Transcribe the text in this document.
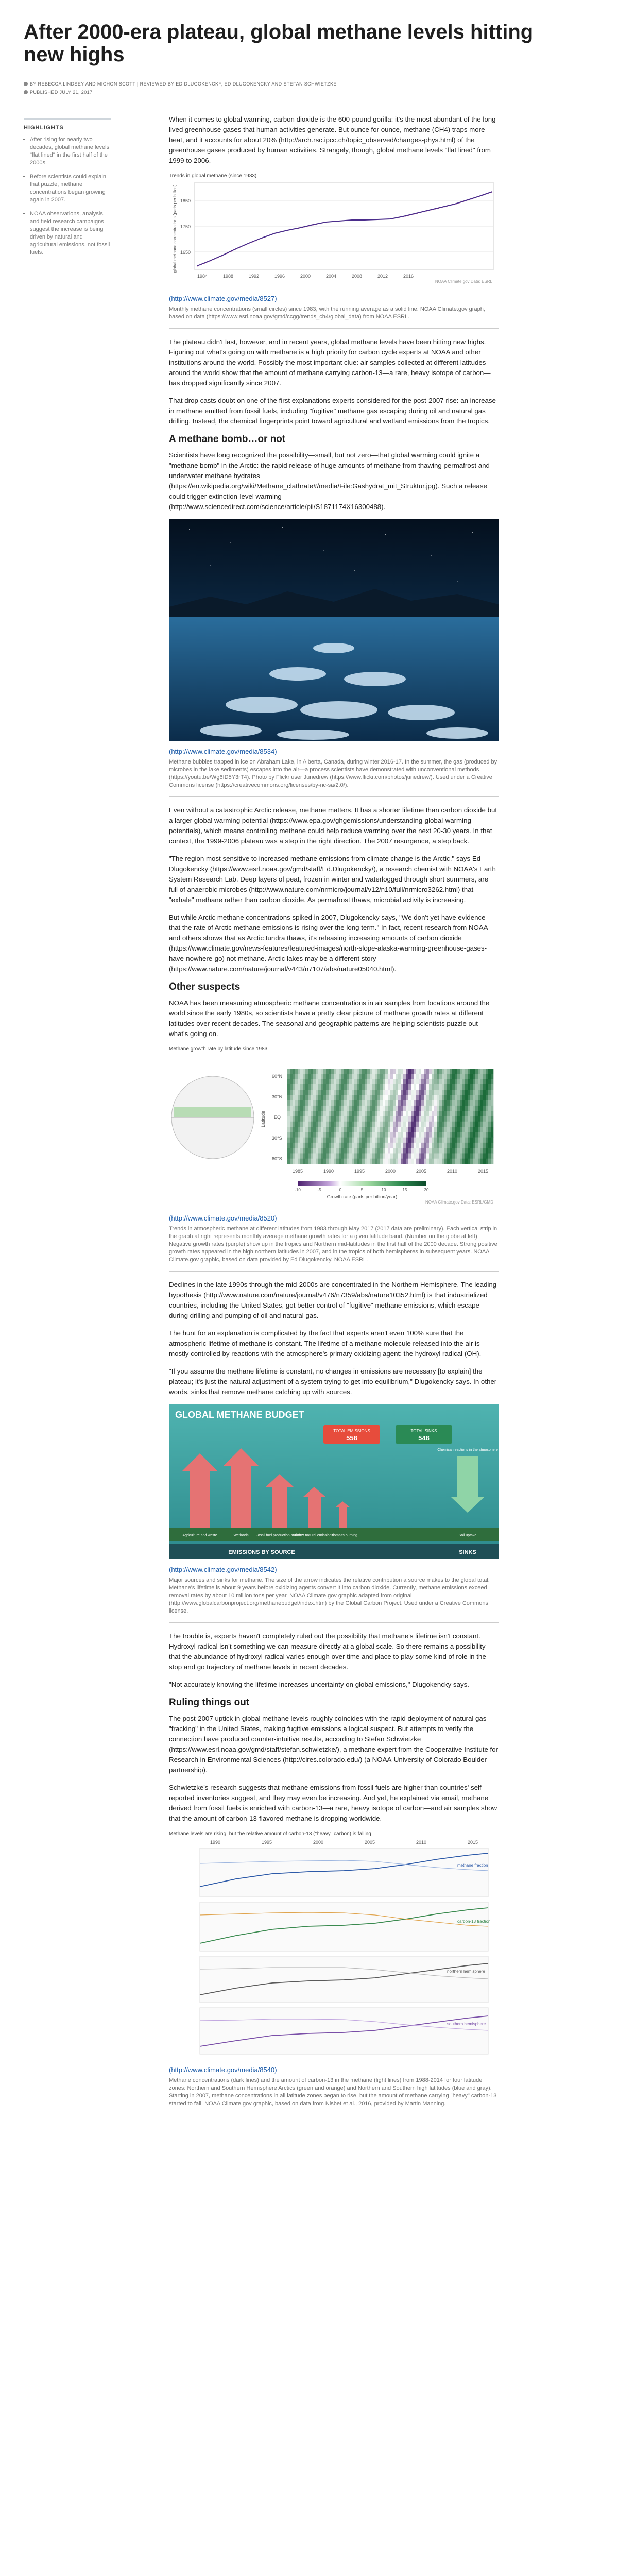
After 2000-era plateau, global methane levels hitting
new highs
BY REBECCA LINDSEY AND MICHON SCOTT | REVIEWED BY ED DLUGOKENCKY, ED DLUGOKENCKY AND STEFAN SCHWIETZKE
PUBLISHED JULY 21, 2017
HIGHLIGHTS
• After rising for nearly two decades, global methane levels "flat lined" in the first half of the 2000s.
• Before scientists could explain that puzzle, methane concentrations began growing again in 2007.
• NOAA observations, analysis, and field research campaigns suggest the increase is being driven by natural and agricultural emissions, not fossil fuels.

When it comes to global warming, carbon dioxide is the 600-pound gorilla: it's the most abundant of the long-lived greenhouse gases that human activities generate. But ounce for ounce, methane (CH4) traps more heat, and it accounts for about 20% (http://arch.rsc.ipcc.ch/topic_observed/changes-phys.html) of the greenhouse gases produced by human activities. Strangely, though, global methane levels "flat lined" from 1999 to 2006.

Trends in global methane (since 1983)
1850
1750
1650
global methane concentrations (parts per billion)
1984	1988	1992	1996	2000	2004	2008	2012	2016
NOAA Climate.gov Data: ESRL
(http://www.climate.gov/media/8527)
Monthly methane concentrations (small circles) since 1983, with the running average as a solid line. NOAA Climate.gov graph, based on data (https://www.esrl.noaa.gov/gmd/ccgg/trends_ch4/global_data) from NOAA ESRL.

The plateau didn't last, however, and in recent years, global methane levels have been hitting new highs. Figuring out what's going on with methane is a high priority for carbon cycle experts at NOAA and other institutions around the world. Possibly the most important clue: air samples collected at different latitudes around the world show that the amount of methane carrying carbon-13—a rare, heavy isotope of carbon—has dropped significantly since 2007.

That drop casts doubt on one of the first explanations experts considered for the post-2007 rise: an increase in methane emitted from fossil fuels, including "fugitive" methane gas escaping during oil and natural gas drilling. Instead, the chemical fingerprints point toward agricultural and wetland emissions from the tropics.

A methane bomb…or not

Scientists have long recognized the possibility—small, but not zero—that global warming could ignite a "methane bomb" in the Arctic: the rapid release of huge amounts of methane from thawing permafrost and underwater methane hydrates (https://en.wikipedia.org/wiki/Methane_clathrate#/media/File:Gashydrat_mit_Struktur.jpg). Such a release could trigger extinction-level warming (http://www.sciencedirect.com/science/article/pii/S1871174X16300488).

(http://www.climate.gov/media/8534)
Methane bubbles trapped in ice on Abraham Lake, in Alberta, Canada, during winter 2016-17. In the summer, the gas (produced by microbes in the lake sediments) escapes into the air—a process scientists have demonstrated with unconventional methods (https://youtu.be/Wg6ID5Y3rT4). Photo by Flickr user Junedrew (https://www.flickr.com/photos/junedrew/). Used under a Creative Commons license (https://creativecommons.org/licenses/by-nc-sa/2.0/).

Even without a catastrophic Arctic release, methane matters. It has a shorter lifetime than carbon dioxide but a larger global warming potential (https://www.epa.gov/ghgemissions/understanding-global-warming-potentials), which means controlling methane could help reduce warming over the next 20-30 years. In that context, the 1999-2006 plateau was a step in the right direction. The 2007 resurgence, a step back.

"The region most sensitive to increased methane emissions from climate change is the Arctic," says Ed Dlugokencky (https://www.esrl.noaa.gov/gmd/staff/Ed.Dlugokencky/), a research chemist with NOAA's Earth System Research Lab. Deep layers of peat, frozen in winter and waterlogged through short summers, are full of anaerobic microbes (http://www.nature.com/nrmicro/journal/v12/n10/full/nrmicro3262.html) that "exhale" methane rather than carbon dioxide. As permafrost thaws, microbial activity is increasing.

But while Arctic methane concentrations spiked in 2007, Dlugokencky says, "We don't yet have evidence that the rate of Arctic methane emissions is rising over the long term." In fact, recent research from NOAA and others shows that as Arctic tundra thaws, it's releasing increasing amounts of carbon dioxide (https://www.climate.gov/news-features/featured-images/north-slope-alaska-warming-greenhouse-gases-have-nowhere-go) not methane. Arctic lakes may be a different story (https://www.nature.com/nature/journal/v443/n7107/abs/nature05040.html).

Other suspects

NOAA has been measuring atmospheric methane concentrations in air samples from locations around the world since the early 1980s, so scientists have a pretty clear picture of methane growth rates at different latitudes over recent decades. The seasonal and geographic patterns are helping scientists puzzle out what's going on.

Methane growth rate by latitude since 1983
60°N
30°N
EQ
30°S
60°S
Latitude
1985	1990	1995	2000	2005	2010	2015
-10	-5	0	5	10	15	20
Growth rate (parts per billion/year)
NOAA Climate.gov Data: ESRL/GMD
(http://www.climate.gov/media/8520)
Trends in atmospheric methane at different latitudes from 1983 through May 2017 (2017 data are preliminary). Each vertical strip in the graph at right represents monthly average methane growth rates for a given latitude band. (Number on the globe at left) Negative growth rates (purple) show up in the tropics and Northern mid-latitudes in the first half of the 2000 decade. Strong positive growth rates appeared in the high northern latitudes in 2007, and in the tropics of both hemispheres in subsequent years. NOAA Climate.gov graphic, based on data provided by Ed Dlugokencky, NOAA ESRL.

Declines in the late 1990s through the mid-2000s are concentrated in the Northern Hemisphere. The leading hypothesis (http://www.nature.com/nature/journal/v476/n7359/abs/nature10352.html) is that industrialized countries, including the United States, got better control of "fugitive" methane emissions, which escape during drilling and pumping of oil and natural gas.

The hunt for an explanation is complicated by the fact that experts aren't even 100% sure that the atmospheric lifetime of methane is constant. The lifetime of a methane molecule released into the air is mostly controlled by reactions with the atmosphere's primary oxidizing agent: the hydroxyl radical (OH).

"If you assume the methane lifetime is constant, no changes in emissions are necessary [to explain] the plateau; it's just the natural adjustment of a system trying to get into equilibrium," Dlugokencky says. In other words, sinks that remove methane catching up with sources.

GLOBAL METHANE BUDGET
TOTAL EMISSIONS
558
TOTAL SINKS
548
Agriculture and waste	Wetlands Fossil fuel production and use
Other natural emissions
Biomass burning
Chemical reactions in the atmosphere
Soil uptake
EMISSIONS BY SOURCE	SINKS
(http://www.climate.gov/media/8542)
Major sources and sinks for methane. The size of the arrow indicates the relative contribution a source makes to the global total. Methane's lifetime is about 9 years before oxidizing agents convert it into carbon dioxide. Currently, methane emissions exceed removal rates by about 10 million tons per year. NOAA Climate.gov graphic adapted from original (http://www.globalcarbonproject.org/methanebudget/index.htm) by the Global Carbon Project. Used under a Creative Commons license.

The trouble is, experts haven't completely ruled out the possibility that methane's lifetime isn't constant. Hydroxyl radical isn't something we can measure directly at a global scale. So there remains a possibility that the abundance of hydroxyl radical varies enough over time and place to play some kind of role in the stop and go trajectory of methane levels in recent decades.

"Not accurately knowing the lifetime increases uncertainty on global emissions," Dlugokencky says.

Ruling things out

The post-2007 uptick in global methane levels roughly coincides with the rapid deployment of natural gas "fracking" in the United States, making fugitive emissions a logical suspect. But attempts to verify the connection have produced counter-intuitive results, according to Stefan Schwietzke (https://www.esrl.noaa.gov/gmd/staff/stefan.schwietzke/), a methane expert from the Cooperative Institute for Research in Environmental Sciences (http://cires.colorado.edu/) (a NOAA-University of Colorado Boulder partnership).

Schwietzke's research suggests that methane emissions from fossil fuels are higher than countries' self-reported inventories suggest, and they may even be increasing. And yet, he explained via email, methane derived from fossil fuels is enriched with carbon-13—a rare, heavy isotope of carbon—and air samples show that the amount of carbon-13-flavored methane is dropping worldwide.

Methane levels are rising, but the relative amount of carbon-13 ("heavy" carbon) is falling
1990	1995	2000	2005	2010	2015
methane fraction
carbon-13 fraction
northern hemisphere
southern hemisphere
(http://www.climate.gov/media/8540)
Methane concentrations (dark lines) and the amount of carbon-13 in the methane (light lines) from 1988-2014 for four latitude zones: Northern and Southern Hemisphere Arctics (green and orange) and Northern and Southern high latitudes (blue and gray). Starting in 2007, methane concentrations in all latitude zones began to rise, but the amount of methane carrying "heavy" carbon-13 started to fall. NOAA Climate.gov graphic, based on data from Nisbet et al., 2016, provided by Martin Manning.
